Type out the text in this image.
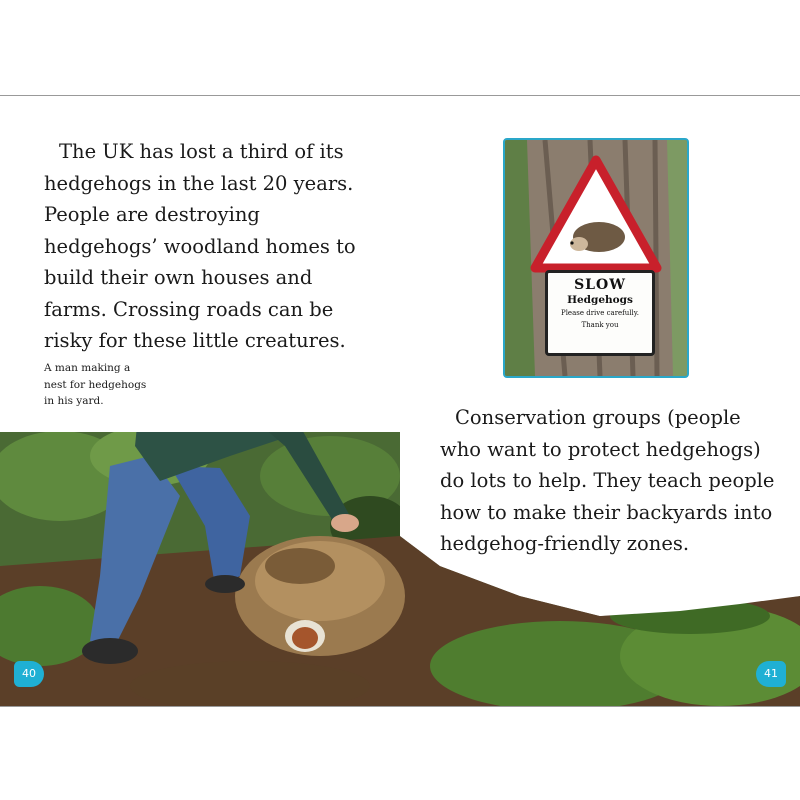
The UK has lost a third of its hedgehogs in the last 20 years. People are destroying hedgehogs’ woodland homes to build their own houses and farms. Crossing roads can be risky for these little creatures.

A man making a nest for hedgehogs in his yard.

Conservation groups (people who want to protect hedgehogs) do lots to help. They teach people how to make their backyards into hedgehog-friendly zones.

SLOW
Hedgehogs
Please drive carefully.
Thank you
40	41
